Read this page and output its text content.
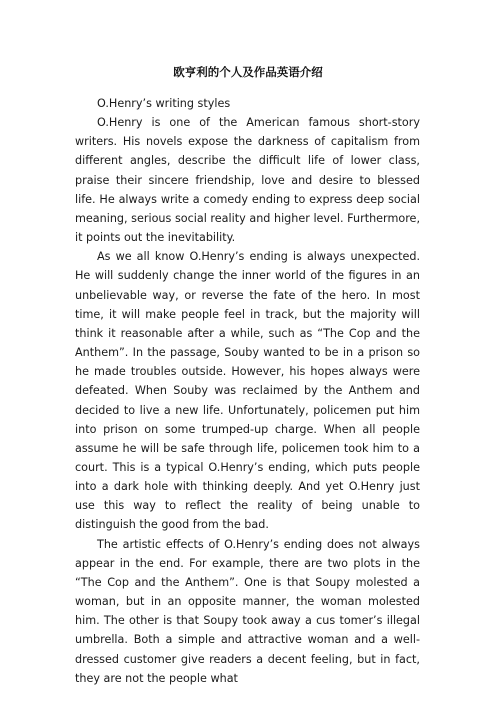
欧亨利的个人及作品英语介绍

O.Henry’s writing styles

O.Henry is one of the American famous short-story writers. His novels expose the darkness of capitalism from different angles, describe the difficult life of lower class, praise their sincere friendship, love and desire to blessed life. He always write a comedy ending to express deep social meaning, serious social reality and higher level. Furthermore, it points out the inevitability.

As we all know O.Henry’s ending is always unexpected. He will suddenly change the inner world of the figures in an unbelievable way, or reverse the fate of the hero. In most time, it will make people feel in track, but the majority will think it reasonable after a while, such as “The Cop and the Anthem”. In the passage, Souby wanted to be in a prison so he made troubles outside. However, his hopes always were defeated. When Souby was reclaimed by the Anthem and decided to live a new life. Unfortunately, policemen put him into prison on some trumped-up charge. When all people assume he will be safe through life, policemen took him to a court. This is a typical O.Henry’s ending, which puts people into a dark hole with thinking deeply. And yet O.Henry just use this way to reflect the reality of being unable to distinguish the good from the bad.

The artistic effects of O.Henry’s ending does not always appear in the end. For example, there are two plots in the “The Cop and the Anthem”. One is that Soupy molested a woman, but in an opposite manner, the woman molested him. The other is that Soupy took away a cus tomer’s illegal umbrella. Both a simple and attractive woman and a well-dressed customer give readers a decent feeling, but in fact, they are not the people what
